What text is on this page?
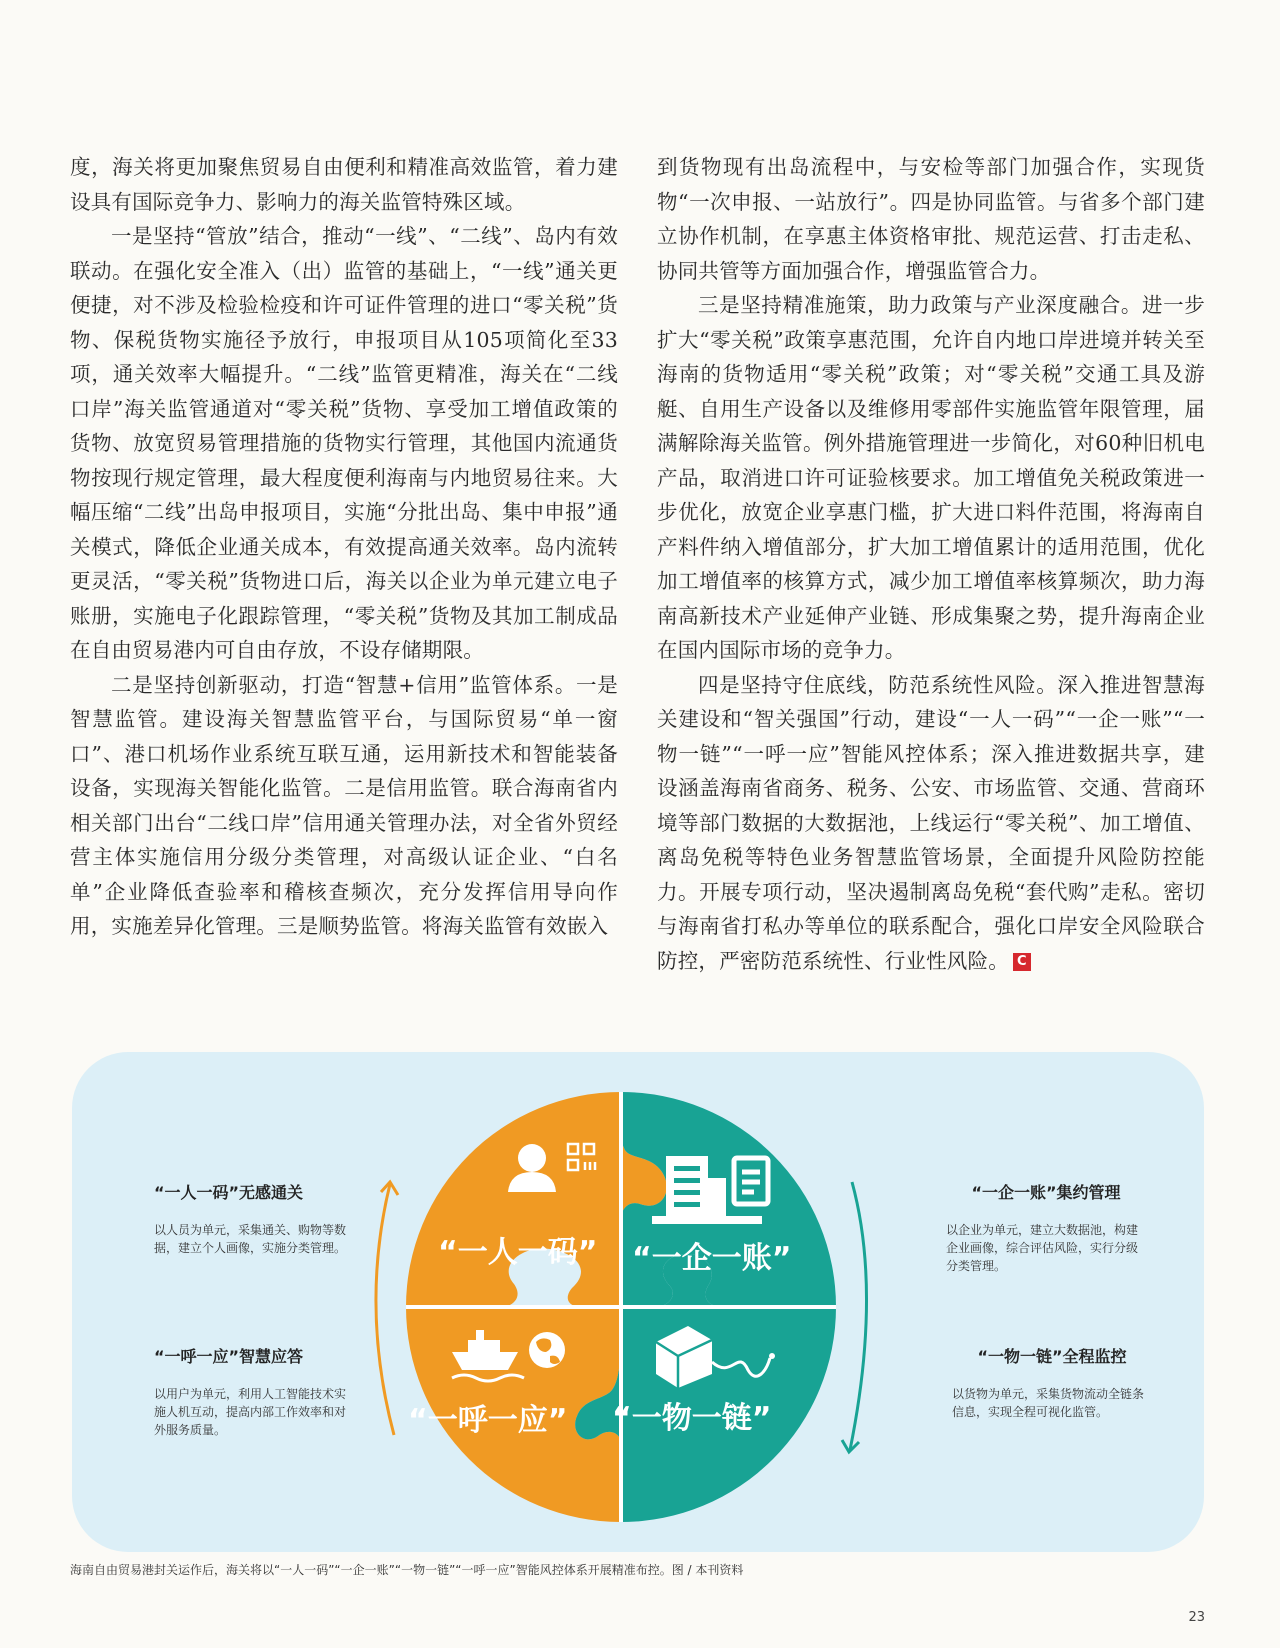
度，海关将更加聚焦贸易自由便利和精准高效监管，着力建设具有国际竞争力、影响力的海关监管特殊区域。

一是坚持“管放”结合，推动“一线”、“二线”、岛内有效联动。在强化安全准入（出）监管的基础上，“一线”通关更便捷，对不涉及检验检疫和许可证件管理的进口“零关税”货物、保税货物实施径予放行，申报项目从105项简化至33项，通关效率大幅提升。“二线”监管更精准，海关在“二线口岸”海关监管通道对“零关税”货物、享受加工增值政策的货物、放宽贸易管理措施的货物实行管理，其他国内流通货物按现行规定管理，最大程度便利海南与内地贸易往来。大幅压缩“二线”出岛申报项目，实施“分批出岛、集中申报”通关模式，降低企业通关成本，有效提高通关效率。岛内流转更灵活，“零关税”货物进口后，海关以企业为单元建立电子账册，实施电子化跟踪管理，“零关税”货物及其加工制成品在自由贸易港内可自由存放，不设存储期限。

二是坚持创新驱动，打造“智慧+信用”监管体系。一是智慧监管。建设海关智慧监管平台，与国际贸易“单一窗口”、港口机场作业系统互联互通，运用新技术和智能装备设备，实现海关智能化监管。二是信用监管。联合海南省内相关部门出台“二线口岸”信用通关管理办法，对全省外贸经营主体实施信用分级分类管理，对高级认证企业、“白名单”企业降低查验率和稽核查频次，充分发挥信用导向作用，实施差异化管理。三是顺势监管。将海关监管有效嵌入

到货物现有出岛流程中，与安检等部门加强合作，实现货物“一次申报、一站放行”。四是协同监管。与省多个部门建立协作机制，在享惠主体资格审批、规范运营、打击走私、协同共管等方面加强合作，增强监管合力。

三是坚持精准施策，助力政策与产业深度融合。进一步扩大“零关税”政策享惠范围，允许自内地口岸进境并转关至海南的货物适用“零关税”政策；对“零关税”交通工具及游艇、自用生产设备以及维修用零部件实施监管年限管理，届满解除海关监管。例外措施管理进一步简化，对60种旧机电产品，取消进口许可证验核要求。加工增值免关税政策进一步优化，放宽企业享惠门槛，扩大进口料件范围，将海南自产料件纳入增值部分，扩大加工增值累计的适用范围，优化加工增值率的核算方式，减少加工增值率核算频次，助力海南高新技术产业延伸产业链、形成集聚之势，提升海南企业在国内国际市场的竞争力。

四是坚持守住底线，防范系统性风险。深入推进智慧海关建设和“智关强国”行动，建设“一人一码”“一企一账”“一物一链”“一呼一应”智能风控体系；深入推进数据共享，建设涵盖海南省商务、税务、公安、市场监管、交通、营商环境等部门数据的大数据池，上线运行“零关税”、加工增值、离岛免税等特色业务智慧监管场景，全面提升风险防控能力。开展专项行动，坚决遏制离岛免税“套代购”走私。密切与海南省打私办等单位的联系配合，强化口岸安全风险联合防控，严密防范系统性、行业性风险。 C

“一人一码” “一企一账”
“一呼一应” “一物一链”
“一人一码”无感通关
以人员为单元，采集通关、购物等数据，建立个人画像，实施分类管理。
“一呼一应”智慧应答
以用户为单元，利用人工智能技术实施人机互动，提高内部工作效率和对外服务质量。
“一企一账”集约管理
以企业为单元，建立大数据池，构建企业画像，综合评估风险，实行分级分类管理。
“一物一链”全程监控
以货物为单元，采集货物流动全链条信息，实现全程可视化监管。
海南自由贸易港封关运作后，海关将以“一人一码”“一企一账”“一物一链”“一呼一应”智能风控体系开展精准布控。图 / 本刊资料
23
